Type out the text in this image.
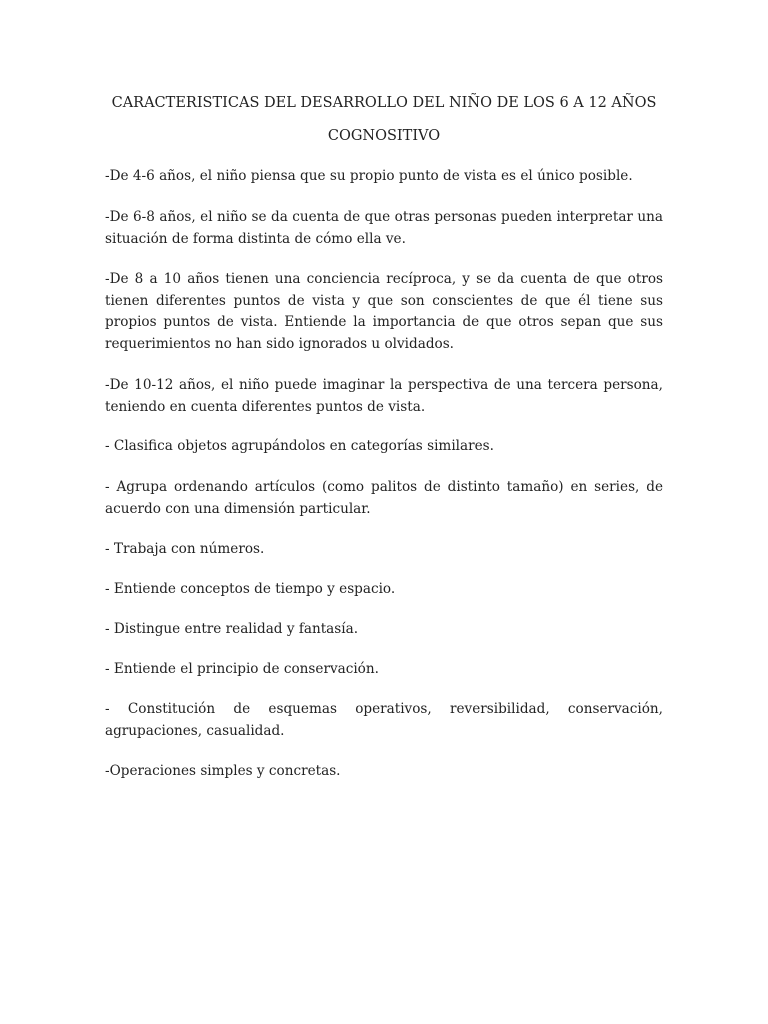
CARACTERISTICAS DEL DESARROLLO DEL NIÑO DE LOS 6 A 12 AÑOS
COGNOSITIVO

-De 4-6 años, el niño piensa que su propio punto de vista es el único posible.

-De 6-8 años, el niño se da cuenta de que otras personas pueden interpretar una situación de forma distinta de cómo ella ve.

-De 8 a 10 años tienen una conciencia recíproca, y se da cuenta de que otros tienen diferentes puntos de vista y que son conscientes de que él tiene sus propios puntos de vista. Entiende la importancia de que otros sepan que sus requerimientos no han sido ignorados u olvidados.

-De 10-12 años, el niño puede imaginar la perspectiva de una tercera persona, teniendo en cuenta diferentes puntos de vista.

- Clasifica objetos agrupándolos en categorías similares.

- Agrupa ordenando artículos (como palitos de distinto tamaño) en series, de acuerdo con una dimensión particular.

- Trabaja con números.

- Entiende conceptos de tiempo y espacio.

- Distingue entre realidad y fantasía.

- Entiende el principio de conservación.

- Constitución de esquemas operativos, reversibilidad, conservación, agrupaciones, casualidad.

-Operaciones simples y concretas.
